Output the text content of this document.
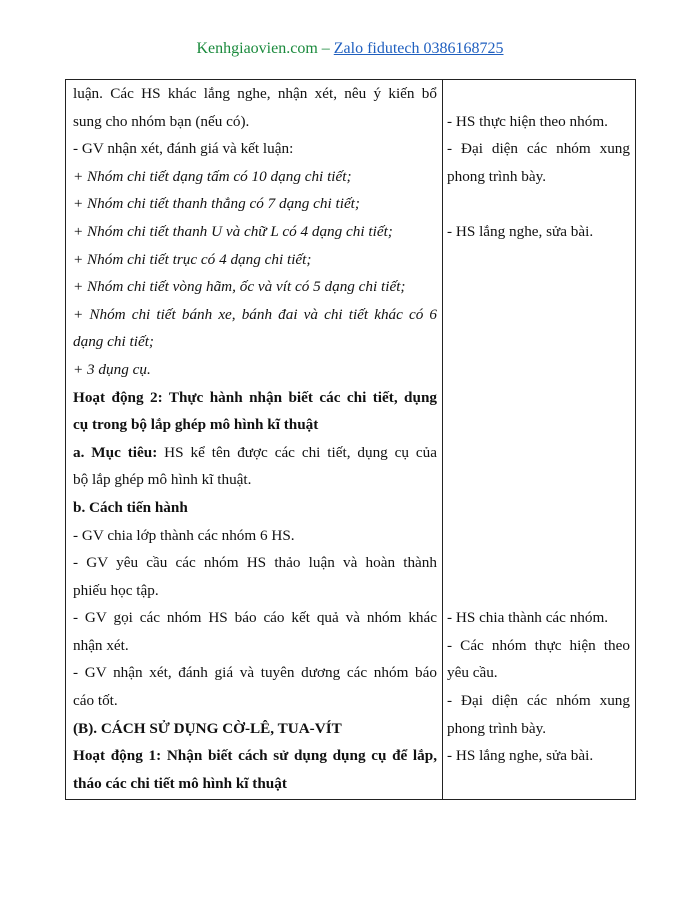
Kenhgiaovien.com – Zalo fidutech 0386168725
luận. Các HS khác lắng nghe, nhận xét, nêu ý kiến bổ
sung cho nhóm bạn (nếu có).
- GV nhận xét, đánh giá và kết luận:
+ Nhóm chi tiết dạng tấm có 10 dạng chi tiết;
+ Nhóm chi tiết thanh thẳng có 7 dạng chi tiết;
+ Nhóm chi tiết thanh U và chữ L có 4 dạng chi tiết;
+ Nhóm chi tiết trục có 4 dạng chi tiết;
+ Nhóm chi tiết vòng hãm, ốc và vít có 5 dạng chi tiết;
+ Nhóm chi tiết bánh xe, bánh đai và chi tiết khác có 6
dạng chi tiết;
+ 3 dụng cụ.
Hoạt động 2: Thực hành nhận biết các chi tiết, dụng
cụ trong bộ lắp ghép mô hình kĩ thuật
a. Mục tiêu: HS kể tên được các chi tiết, dụng cụ của
bộ lắp ghép mô hình kĩ thuật.
b. Cách tiến hành
- GV chia lớp thành các nhóm 6 HS.
- GV yêu cầu các nhóm HS thảo luận và hoàn thành
phiếu học tập.
- GV gọi các nhóm HS báo cáo kết quả và nhóm khác
nhận xét.
- GV nhận xét, đánh giá và tuyên dương các nhóm báo
cáo tốt.
(B). CÁCH SỬ DỤNG CỜ-LÊ, TUA-VÍT
Hoạt động 1: Nhận biết cách sử dụng dụng cụ để lắp,
tháo các chi tiết mô hình kĩ thuật
- HS thực hiện theo nhóm.
- Đại diện các nhóm xung
phong trình bày.
- HS lắng nghe, sửa bài.
- HS chia thành các nhóm.
- Các nhóm thực hiện theo
yêu cầu.
- Đại diện các nhóm xung
phong trình bày.
- HS lắng nghe, sửa bài.
